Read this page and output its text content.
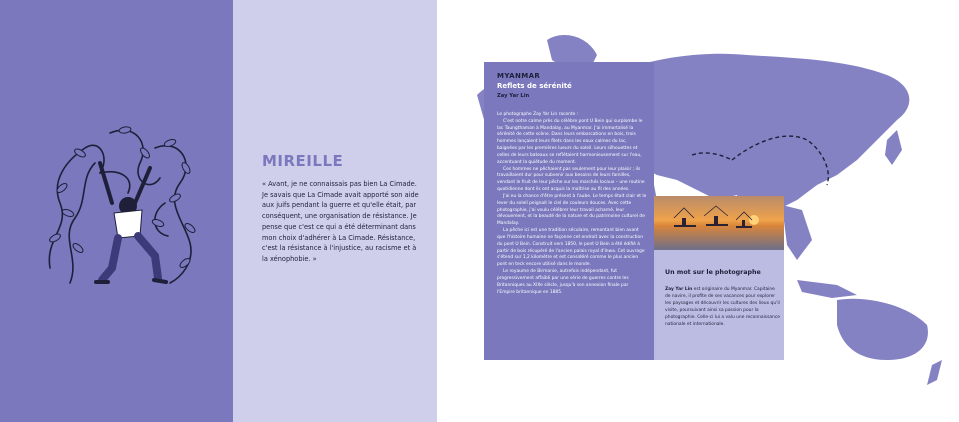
MIREILLE
« Avant, je ne connaissais pas bien La Cimade. Je savais que La Cimade avait apporté son aide aux juifs pendant la guerre et qu'elle était, par conséquent, une organisation de résistance. Je pense que c'est ce qui a été déterminant dans mon choix d'adhérer à La Cimade. Résistance, c'est la résistance à l'injustice, au racisme et à la xénophobie. »
MYANMAR
Reflets de sérénité
Zay Yar Lin

Le photographe Zay Yar Lin raconte :

C'est notre calme près du célèbre pont U Bein qui surplombe le lac Taungthaman à Mandalay, au Myanmar. J'ai immortalisé la sérénité de cette scène. Dans leurs embarcations en bois, trois hommes lançaient leurs filets dans les eaux calmes du lac, baignées par les premières lueurs du soleil. Leurs silhouettes et celles de leurs bateaux se reflétaient harmonieusement sur l'eau, accentuant la quiétude du moment.

Ces hommes ne pêchaient pas seulement pour leur plaisir ; ils travaillaient dur pour subvenir aux besoins de leurs familles, vendant le fruit de leur pêche sur les marchés locaux – une routine quotidienne dont ils ont acquis la maîtrise au fil des années.

J'ai eu la chance d'être présent à l'aube. Le temps était clair et le lever du soleil peignait le ciel de couleurs douces. Avec cette photographie, j'ai voulu célébrer leur travail acharné, leur dévouement, et la beauté de la nature et du patrimoine culturel de Mandalay.

La pêche ici est une tradition séculaire, remontant bien avant que l'histoire humaine ne façonne cet endroit avec la construction du pont U Bein. Construit vers 1850, le pont U Bein a été édifié à partir de bois récupéré de l'ancien palais royal d'Inwa. Cet ouvrage s'étend sur 1,2 kilomètre et est considéré comme le plus ancien pont en teck encore utilisé dans le monde.

Le royaume de Birmanie, autrefois indépendant, fut progressivement affaibli par une série de guerres contre les Britanniques au XIXe siècle, jusqu'à son annexion finale par l'Empire britannique en 1885.

Un mot sur le photographe
Zay Yar Lin est originaire du Myanmar. Capitaine de navire, il profite de ses vacances pour explorer les paysages et découvrir les cultures des lieux qu'il visite, poursuivant ainsi sa passion pour la photographie. Celle-ci lui a valu une reconnaissance nationale et internationale.
